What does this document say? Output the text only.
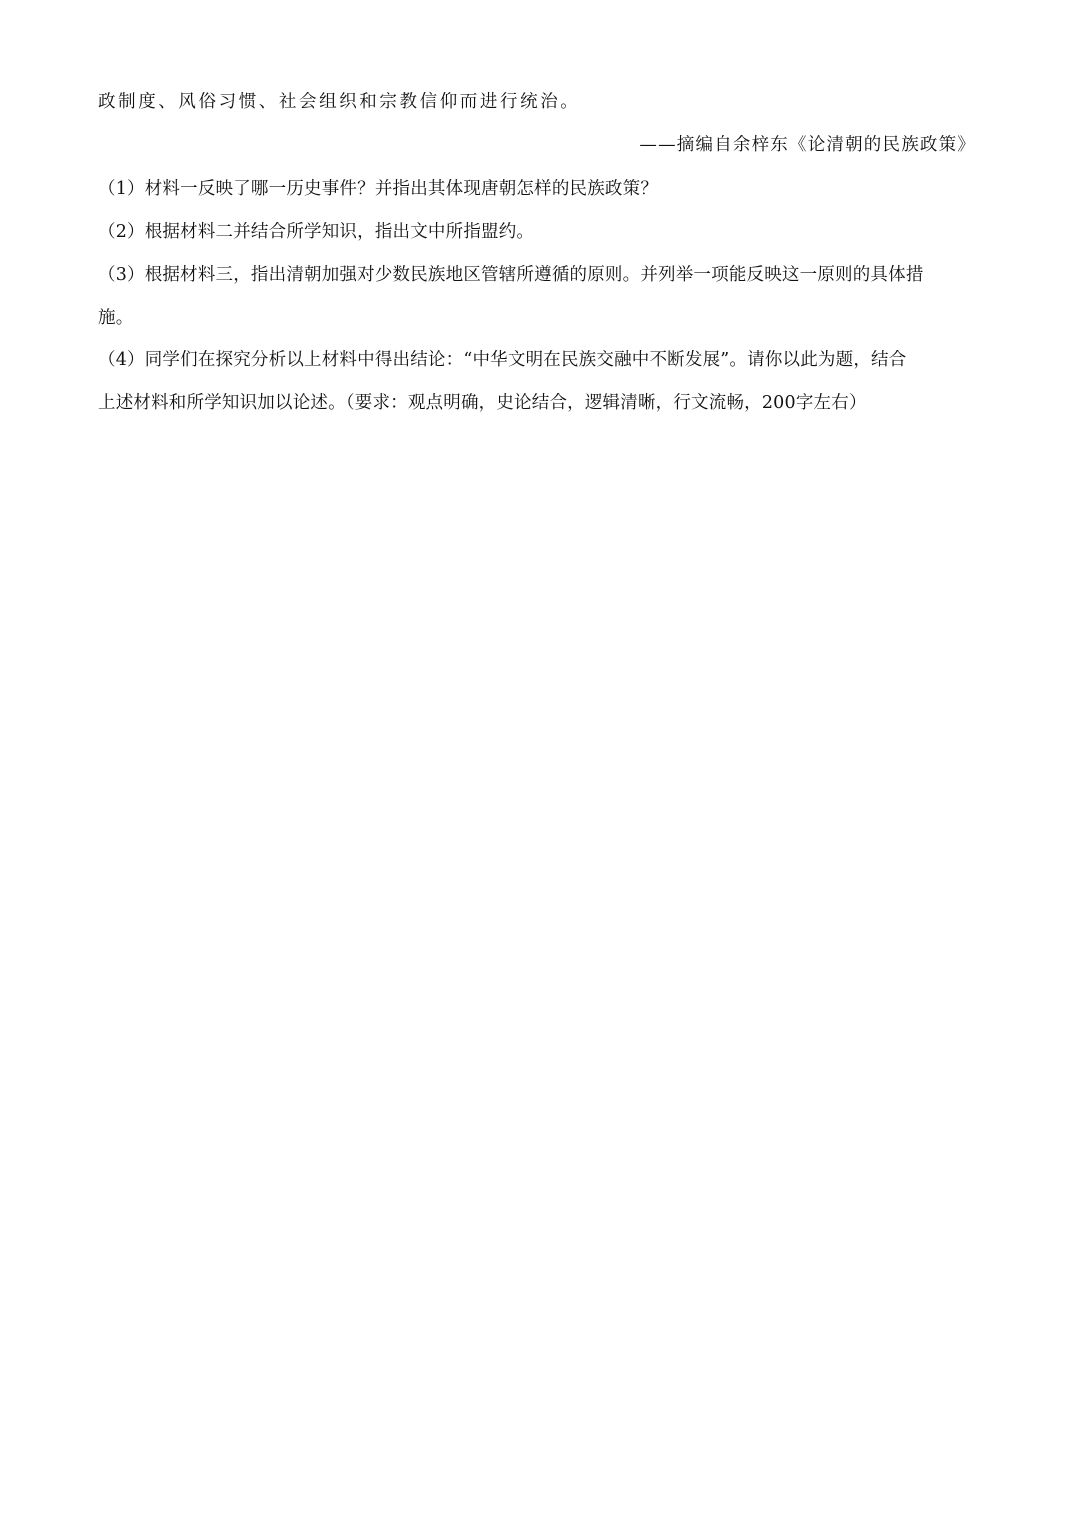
政制度、风俗习惯、社会组织和宗教信仰而进行统治。
——摘编自余梓东《论清朝的民族政策》
（1）材料一反映了哪一历史事件？并指出其体现唐朝怎样的民族政策？
（2）根据材料二并结合所学知识，指出文中所指盟约。
（3）根据材料三，指出清朝加强对少数民族地区管辖所遵循的原则。并列举一项能反映这一原则的具体措
施。
（4）同学们在探究分析以上材料中得出结论：“中华文明在民族交融中不断发展”。请你以此为题，结合
上述材料和所学知识加以论述。（要求：观点明确，史论结合，逻辑清晰，行文流畅，200字左右）
